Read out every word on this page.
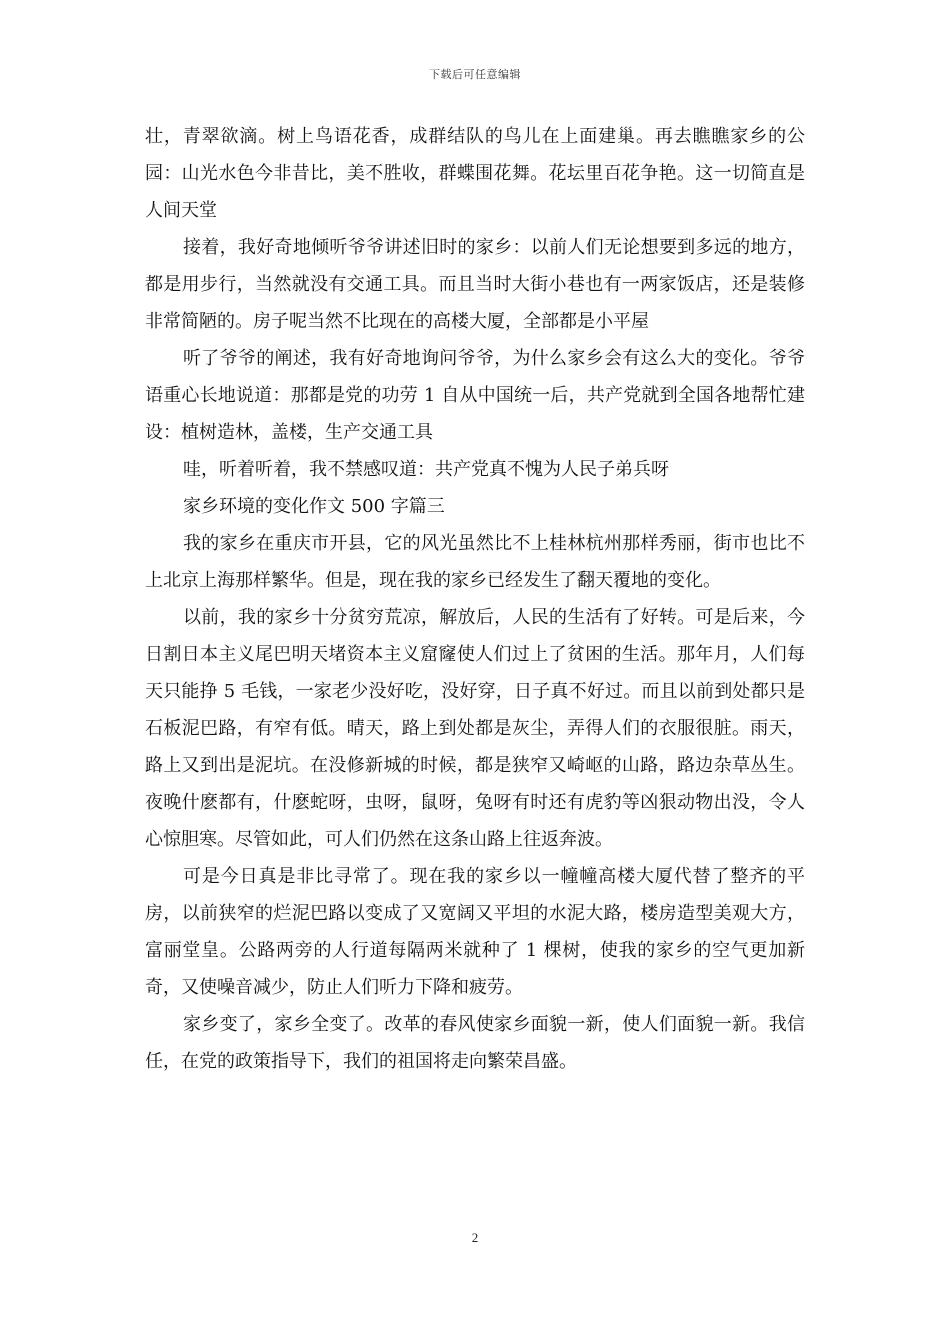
下载后可任意编辑

壮，青翠欲滴。树上鸟语花香，成群结队的鸟儿在上面建巢。再去瞧瞧家乡的公园：山光水色今非昔比，美不胜收，群蝶围花舞。花坛里百花争艳。这一切简直是人间天堂

接着，我好奇地倾听爷爷讲述旧时的家乡：以前人们无论想要到多远的地方，都是用步行，当然就没有交通工具。而且当时大街小巷也有一两家饭店，还是装修非常简陋的。房子呢当然不比现在的高楼大厦，全部都是小平屋

听了爷爷的阐述，我有好奇地询问爷爷，为什么家乡会有这么大的变化。爷爷语重心长地说道：那都是党的功劳 1 自从中国统一后，共产党就到全国各地帮忙建设：植树造林，盖楼，生产交通工具

哇，听着听着，我不禁感叹道：共产党真不愧为人民子弟兵呀

家乡环境的变化作文 500 字篇三

我的家乡在重庆市开县，它的风光虽然比不上桂林杭州那样秀丽，街市也比不上北京上海那样繁华。但是，现在我的家乡已经发生了翻天覆地的变化。

以前，我的家乡十分贫穷荒凉，解放后，人民的生活有了好转。可是后来，今日割日本主义尾巴明天堵资本主义窟窿使人们过上了贫困的生活。那年月，人们每天只能挣 5 毛钱，一家老少没好吃，没好穿，日子真不好过。而且以前到处都只是石板泥巴路，有窄有低。晴天，路上到处都是灰尘，弄得人们的衣服很脏。雨天，路上又到出是泥坑。在没修新城的时候，都是狭窄又崎岖的山路，路边杂草丛生。夜晚什麽都有，什麽蛇呀，虫呀，鼠呀，兔呀有时还有虎豹等凶狠动物出没，令人心惊胆寒。尽管如此，可人们仍然在这条山路上往返奔波。

可是今日真是非比寻常了。现在我的家乡以一幢幢高楼大厦代替了整齐的平房，以前狭窄的烂泥巴路以变成了又宽阔又平坦的水泥大路，楼房造型美观大方，富丽堂皇。公路两旁的人行道每隔两米就种了 1 棵树，使我的家乡的空气更加新奇，又使噪音减少，防止人们听力下降和疲劳。

家乡变了，家乡全变了。改革的春风使家乡面貌一新，使人们面貌一新。我信任，在党的政策指导下，我们的祖国将走向繁荣昌盛。

2
